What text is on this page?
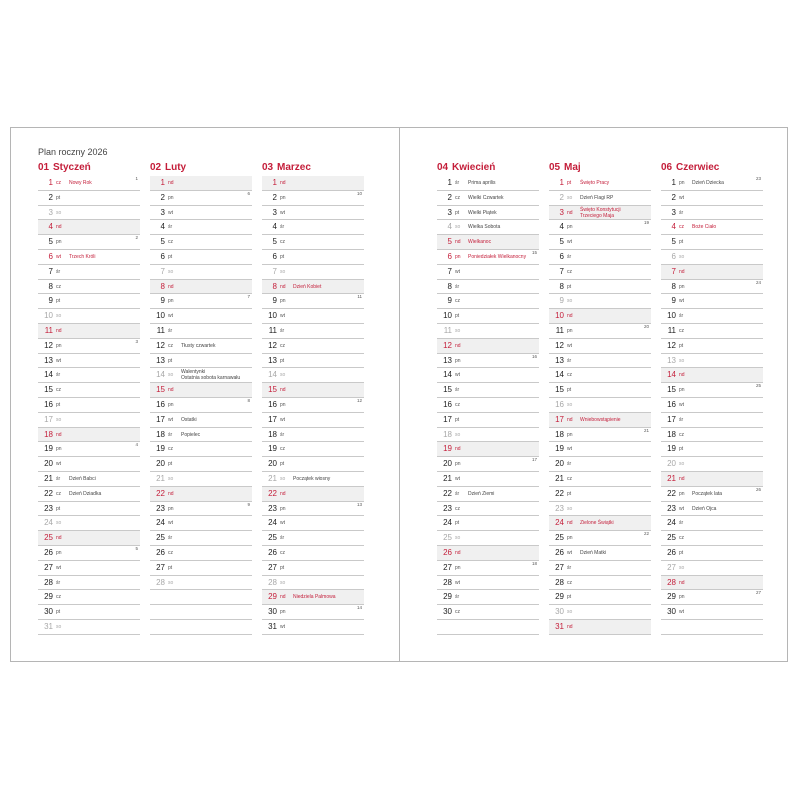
Plan roczny 2026
01 Styczeń
1 cz Nowy Rok
1
2 pt
3 so
4 nd
5 pn
2
6 wt Trzech Króli
7 śr
8 cz
9 pt
10 so
11 nd
12 pn
3
13 wt
14 śr
15 cz
16 pt
17 so
18 nd
19 pn
4
20 wt
21 śr Dzień Babci
22 cz Dzień Dziadka
23 pt
24 so
25 nd
26 pn
5
27 wt
28 śr
29 cz
30 pt
31 so
02 Luty
1 nd
2 pn
6
3 wt
4 śr
5 cz
6 pt
7 so
8 nd
9 pn
7
10 wt
11 śr
12 cz Tłusty czwartek
13 pt
14 so Walentynki
Ostatnia sobota karnawału
15 nd
16 pn
8
17 wt Ostatki
18 śr Popielec
19 cz
20 pt
21 so
22 nd
23 pn
9
24 wt
25 śr
26 cz
27 pt
28 so
03 Marzec
1 nd
2 pn
10
3 wt
4 śr
5 cz
6 pt
7 so
8 nd Dzień Kobiet
9 pn
11
10 wt
11 śr
12 cz
13 pt
14 so
15 nd
16 pn
12
17 wt
18 śr
19 cz
20 pt
21 so Początek wiosny
22 nd
23 pn
13
24 wt
25 śr
26 cz
27 pt
28 so
29 nd Niedziela Palmowa
30 pn
14
31 wt
04 Kwiecień
1 śr Prima aprilis
2 cz Wielki Czwartek
3 pt Wielki Piątek
4 so Wielka Sobota
5 nd Wielkanoc
6 pn Poniedziałek Wielkanocny
15
7 wt
8 śr
9 cz
10 pt
11 so
12 nd
13 pn
16
14 wt
15 śr
16 cz
17 pt
18 so
19 nd
20 pn
17
21 wt
22 śr Dzień Ziemi
23 cz
24 pt
25 so
26 nd
27 pn
18
28 wt
29 śr
30 cz
05 Maj
1 pt Święto Pracy
2 so Dzień Flagi RP
3 nd Święto Konstytucji
Trzeciego Maja
4 pn
19
5 wt
6 śr
7 cz
8 pt
9 so
10 nd
11 pn
20
12 wt
13 śr
14 cz
15 pt
16 so
17 nd Wniebowstąpienie
18 pn
21
19 wt
20 śr
21 cz
22 pt
23 so
24 nd Zielone Świątki
25 pn
22
26 wt Dzień Matki
27 śr
28 cz
29 pt
30 so
31 nd
06 Czerwiec
1 pn Dzień Dziecka
23
2 wt
3 śr
4 cz Boże Ciało
5 pt
6 so
7 nd
8 pn
24
9 wt
10 śr
11 cz
12 pt
13 so
14 nd
15 pn
25
16 wt
17 śr
18 cz
19 pt
20 so
21 nd
22 pn Początek lata
26
23 wt Dzień Ojca
24 śr
25 cz
26 pt
27 so
28 nd
29 pn
27
30 wt
